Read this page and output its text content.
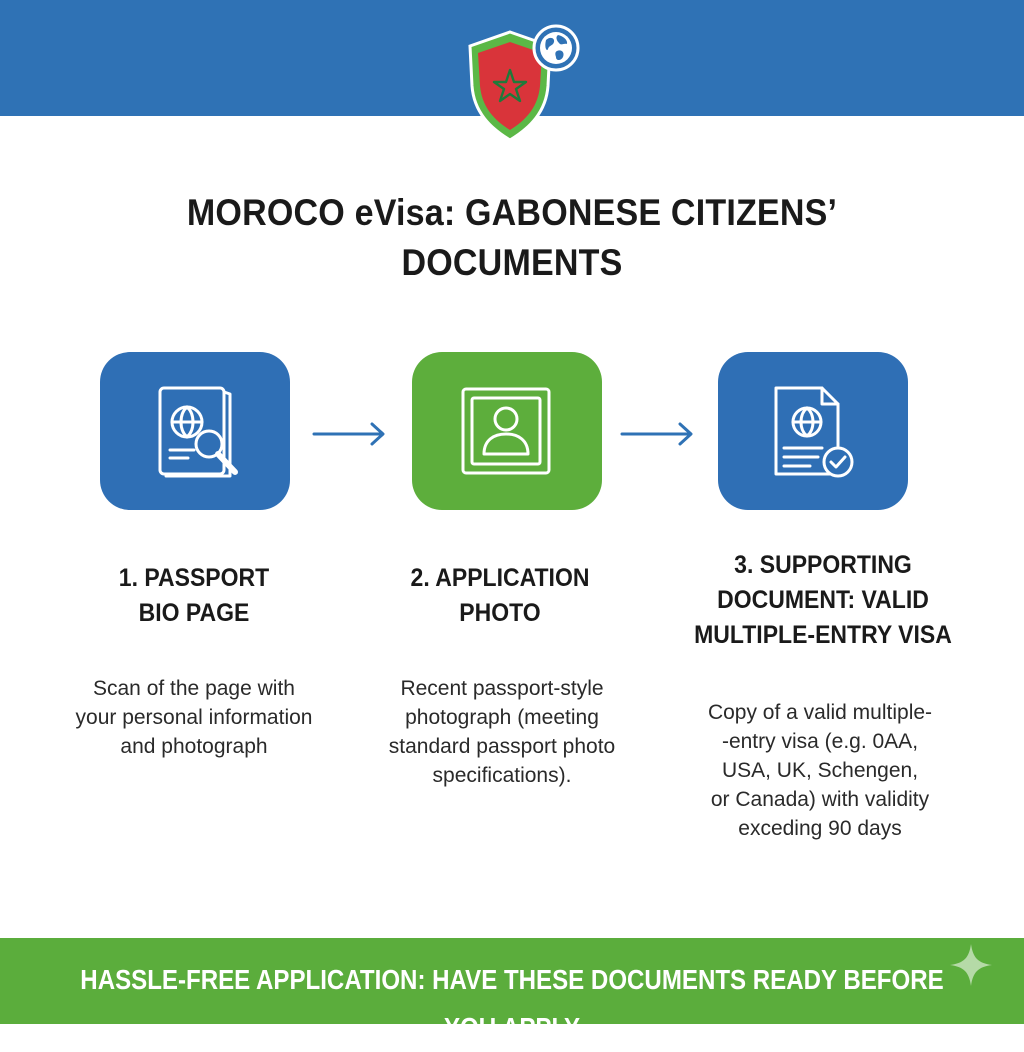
MOROCO eVisa: GABONESE CITIZENS’
DOCUMENTS
1. PASSPORT
BIO PAGE
2. APPLICATION
PHOTO
3. SUPPORTING
DOCUMENT: VALID
MULTIPLE-ENTRY VISA
Scan of the page with
your personal information
and photograph
Recent passport-style
photograph (meeting
standard passport photo
specifications).
Copy of a valid multiple-
-entry visa (e.g. 0AA,
USA, UK, Schengen,
or Canada) with validity
exceding 90 days
HASSLE-FREE APPLICATION: HAVE THESE DOCUMENTS READY BEFORE YOU APPLY
